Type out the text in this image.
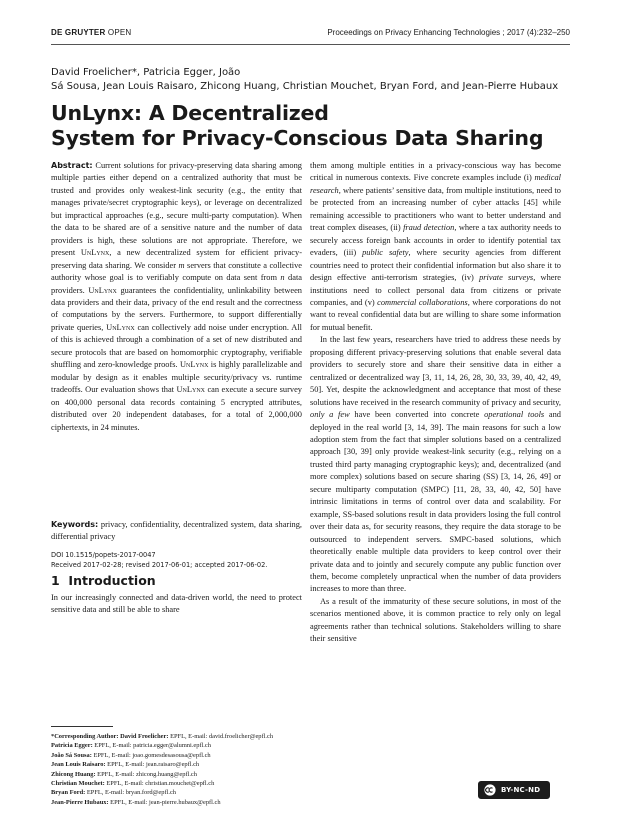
DE GRUYTER OPEN	Proceedings on Privacy Enhancing Technologies ; 2017 (4):232–250
David Froelicher*, Patricia Egger, João
Sá Sousa, Jean Louis Raisaro, Zhicong Huang, Christian Mouchet, Bryan Ford, and Jean-Pierre Hubaux
UnLynx: A Decentralized
System for Privacy-Conscious Data Sharing

Abstract: Current solutions for privacy-preserving data sharing among multiple parties either depend on a centralized authority that must be trusted and provides only weakest-link security (e.g., the entity that manages private/secret cryptographic keys), or leverage on decentralized but impractical approaches (e.g., secure multi-party computation). When the data to be shared are of a sensitive nature and the number of data providers is high, these solutions are not appropriate. Therefore, we present UnLynx, a new decentralized system for efficient privacy-preserving data sharing. We consider m servers that constitute a collective authority whose goal is to verifiably compute on data sent from n data providers. UnLynx guarantees the confidentiality, unlinkability between data providers and their data, privacy of the end result and the correctness of computations by the servers. Furthermore, to support differentially private queries, UnLynx can collectively add noise under encryption. All of this is achieved through a combination of a set of new distributed and secure protocols that are based on homomorphic cryptography, verifiable shuffling and zero-knowledge proofs. UnLynx is highly parallelizable and modular by design as it enables multiple security/privacy vs. runtime tradeoffs. Our evaluation shows that UnLynx can execute a secure survey on 400,000 personal data records containing 5 encrypted attributes, distributed over 20 independent databases, for a total of 2,000,000 ciphertexts, in 24 minutes.

Keywords: privacy, confidentiality, decentralized system, data sharing, differential privacy
DOI 10.1515/popets-2017-0047
Received 2017-02-28; revised 2017-06-01; accepted 2017-06-02.
1 Introduction
In our increasingly connected and data-driven world, the need to protect sensitive data and still be able to share
*Corresponding Author: David Froelicher: EPFL, E-mail: david.froelicher@epfl.ch
Patricia Egger: EPFL, E-mail: patricia.egger@alumni.epfl.ch
João Sá Sousa: EPFL, E-mail: joao.gomesdesasousa@epfl.ch
Jean Louis Raisaro: EPFL, E-mail: jean.raisaro@epfl.ch
Zhicong Huang: EPFL, E-mail: zhicong.huang@epfl.ch
Christian Mouchet: EPFL, E-mail: christian.mouchet@epfl.ch
Bryan Ford: EPFL, E-mail: bryan.ford@epfl.ch
Jean-Pierre Hubaux: EPFL, E-mail: jean-pierre.hubaux@epfl.ch

them among multiple entities in a privacy-conscious way has become critical in numerous contexts. Five concrete examples include (i) medical research, where patients’ sensitive data, from multiple institutions, need to be protected from an increasing number of cyber attacks [45] while remaining accessible to practitioners who want to better understand and treat complex diseases, (ii) fraud detection, where a tax authority needs to securely access foreign bank accounts in order to identify potential tax evaders, (iii) public safety, where security agencies from different countries need to protect their confidential information but also share it to design effective anti-terrorism strategies, (iv) private surveys, where institutions need to collect personal data from citizens or private companies, and (v) commercial collaborations, where corporations do not want to reveal confidential data but are willing to share some information for mutual benefit.

In the last few years, researchers have tried to address these needs by proposing different privacy-preserving solutions that enable several data providers to securely store and share their sensitive data in either a centralized or decentralized way [3, 11, 14, 26, 28, 30, 33, 39, 40, 42, 49, 50]. Yet, despite the acknowledgment and acceptance that most of these solutions have received in the research community of privacy and security, only a few have been converted into concrete operational tools and deployed in the real world [3, 14, 39]. The main reasons for such a low adoption stem from the fact that simpler solutions based on a centralized approach [30, 39] only provide weakest-link security (e.g., relying on a trusted third party managing cryptographic keys); and, decentralized (and more complex) solutions based on secure sharing (SS) [3, 14, 26, 49] or secure multiparty computation (SMPC) [11, 28, 33, 40, 42, 50] have intrinsic limitations in terms of control over data and scalability. For example, SS-based solutions result in data providers losing the full control over their data as, for security reasons, they require the data storage to be outsourced to independent servers. SMPC-based solutions, which theoretically enable multiple data providers to keep control over their private data and to jointly and securely compute any public function over them, become completely unpractical when the number of data providers increases to more than three.

As a result of the immaturity of these secure solutions, in most of the scenarios mentioned above, it is common practice to rely only on legal agreements rather than technical solutions. Stakeholders willing to share their sensitive

BY-NC-ND
